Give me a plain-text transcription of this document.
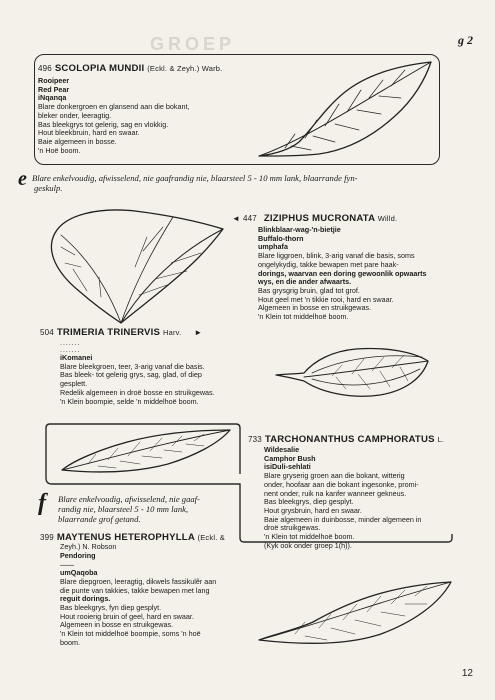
GROEP	g 2
496 SCOLOPIA MUNDII (Eckl. & Zeyh.) Warb.

Rooipeer

Red Pear

iNqanqa

Blare donkergroen en glansend aan die bokant,

bleker onder, leeragtig.

Bas bleekgrys tot gelerig, sag en vlokkig.

Hout bleekbruin, hard en swaar.

Baie algemeen in bosse.

'n Hoë boom.

e Blare enkelvoudig, afwisselend, nie gaafrandig nie, blaarsteel 5 - 10 mm lank, blaarrande fyn-
geskulp.
◄ 447 ZIZIPHUS MUCRONATA Willd.

Blinkblaar-wag-'n-bietjie

Buffalo-thorn

umphafa

Blare liggroen, blink, 3-arig vanaf die basis, soms

ongelykydig, takke bewapen met pare haak-

dorings, waarvan een doring gewoonlik opwaarts

wys, en die ander afwaarts.

Bas grysgrig bruin, glad tot grof.

Hout geel met 'n tikkie rooi, hard en swaar.

Algemeen in bosse en struikgewas.

'n Klein tot middelhoë boom.

504 TRIMERIA TRINERVIS Harv. ►
.......
.......
iKomanei

Blare bleekgroen, teer, 3-arig vanaf die basis.

Bas bleek- tot gelerig grys, sag, glad, of diep

gesplett.

Redelik algemeen in droë bosse en struikgewas.

'n Klein boompie, selde 'n middelhoë boom.

733 TARCHONANTHUS CAMPHORATUS L.

Wildesalie

Camphor Bush

isiDuli-sehlati

Blare gryserig groen aan die bokant, witterig

onder, hoofaar aan die bokant ingesonke, promi-

nent onder, ruik na kanfer wanneer gekneus.

Bas bleekgrys, diep gesplyt.

Hout grysbruin, hard en swaar.

Baie algemeen in duinbosse, minder algemeen in

droë struikgewas.

'n Klein tot middelhoë boom.

(Kyk ook onder groep 1(h)).

f Blare enkelvoudig, afwisselend, nie gaaf-
randig nie, blaarsteel 5 - 10 mm lank,
blaarrande grof getand.
399 MAYTENUS HETEROPHYLLA (Eckl. &

Zeyh.) N. Robson

Pendoring

.......

umQaqoba

Blare diepgroen, leeragtig, dikwels fassikulêr aan

die punte van takkies, takke bewapen met lang

reguit dorings.

Bas bleekgrys, fyn diep gesplyt.

Hout rooierig bruin of geel, hard en swaar.

Algemeen in bosse en struikgewas.

'n Klein tot middelhoë boompie, soms 'n hoë

boom.

12
